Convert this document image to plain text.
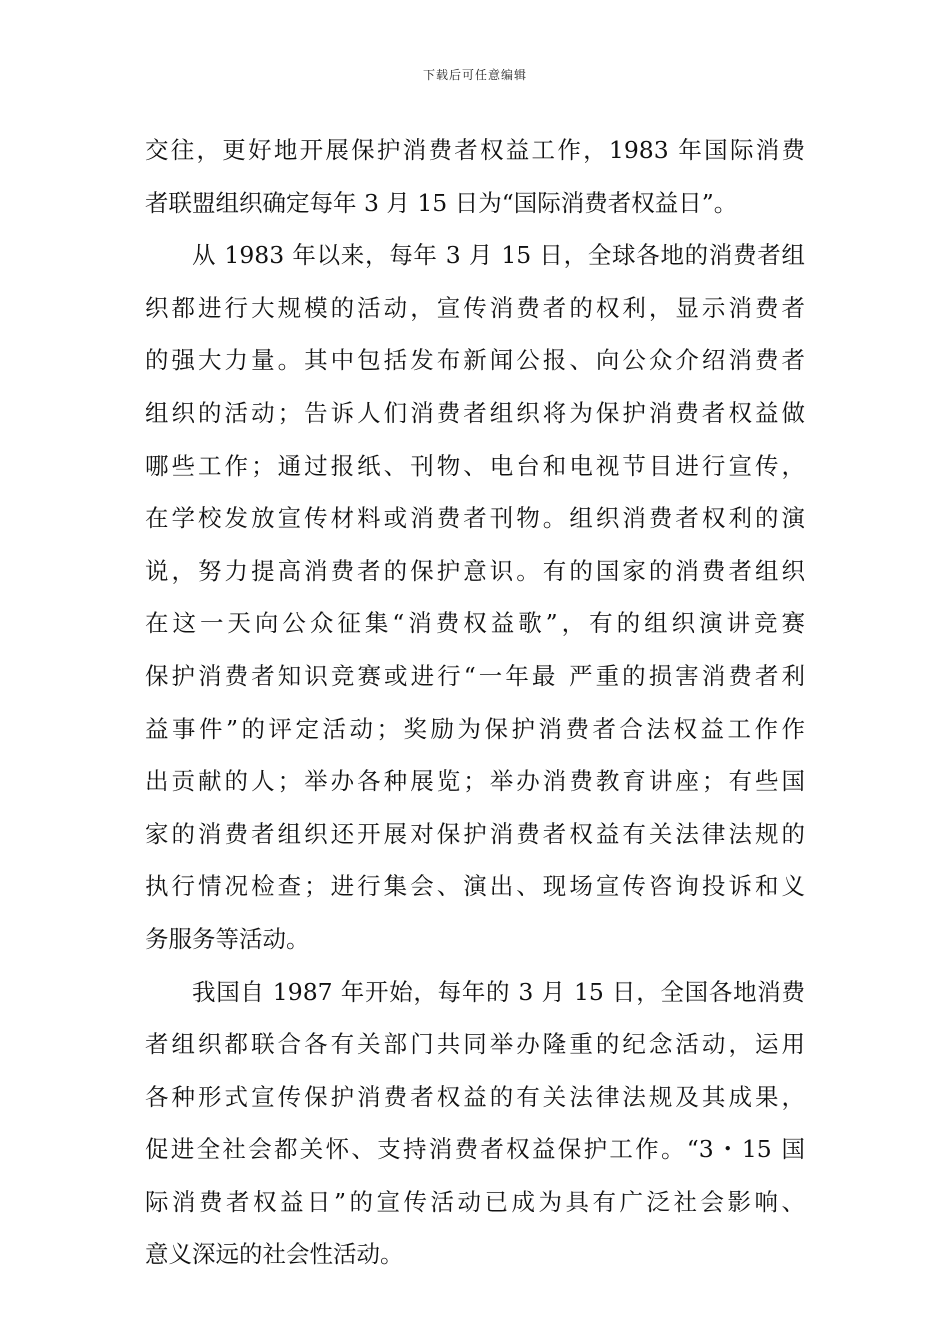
下载后可任意编辑
交往，更好地开展保护消费者权益工作，1983 年国际消费
者联盟组织确定每年 3 月 15 日为“国际消费者权益日”。
从 1983 年以来，每年 3 月 15 日，全球各地的消费者组
织都进行大规模的活动，宣传消费者的权利，显示消费者
的强大力量。其中包括发布新闻公报、向公众介绍消费者
组织的活动；告诉人们消费者组织将为保护消费者权益做
哪些工作；通过报纸、刊物、电台和电视节目进行宣传，
在学校发放宣传材料或消费者刊物。组织消费者权利的演
说，努力提高消费者的保护意识。有的国家的消费者组织
在这一天向公众征集“消费权益歌”，有的组织演讲竞赛
保护消费者知识竞赛或进行“一年最 严重的损害消费者利
益事件”的评定活动；奖励为保护消费者合法权益工作作
出贡献的人；举办各种展览；举办消费教育讲座；有些国
家的消费者组织还开展对保护消费者权益有关法律法规的
执行情况检查；进行集会、演出、现场宣传咨询投诉和义
务服务等活动。
我国自 1987 年开始，每年的 3 月 15 日，全国各地消费
者组织都联合各有关部门共同举办隆重的纪念活动，运用
各种形式宣传保护消费者权益的有关法律法规及其成果，
促进全社会都关怀、支持消费者权益保护工作。“3・15 国
际消费者权益日”的宣传活动已成为具有广泛社会影响、
意义深远的社会性活动。
